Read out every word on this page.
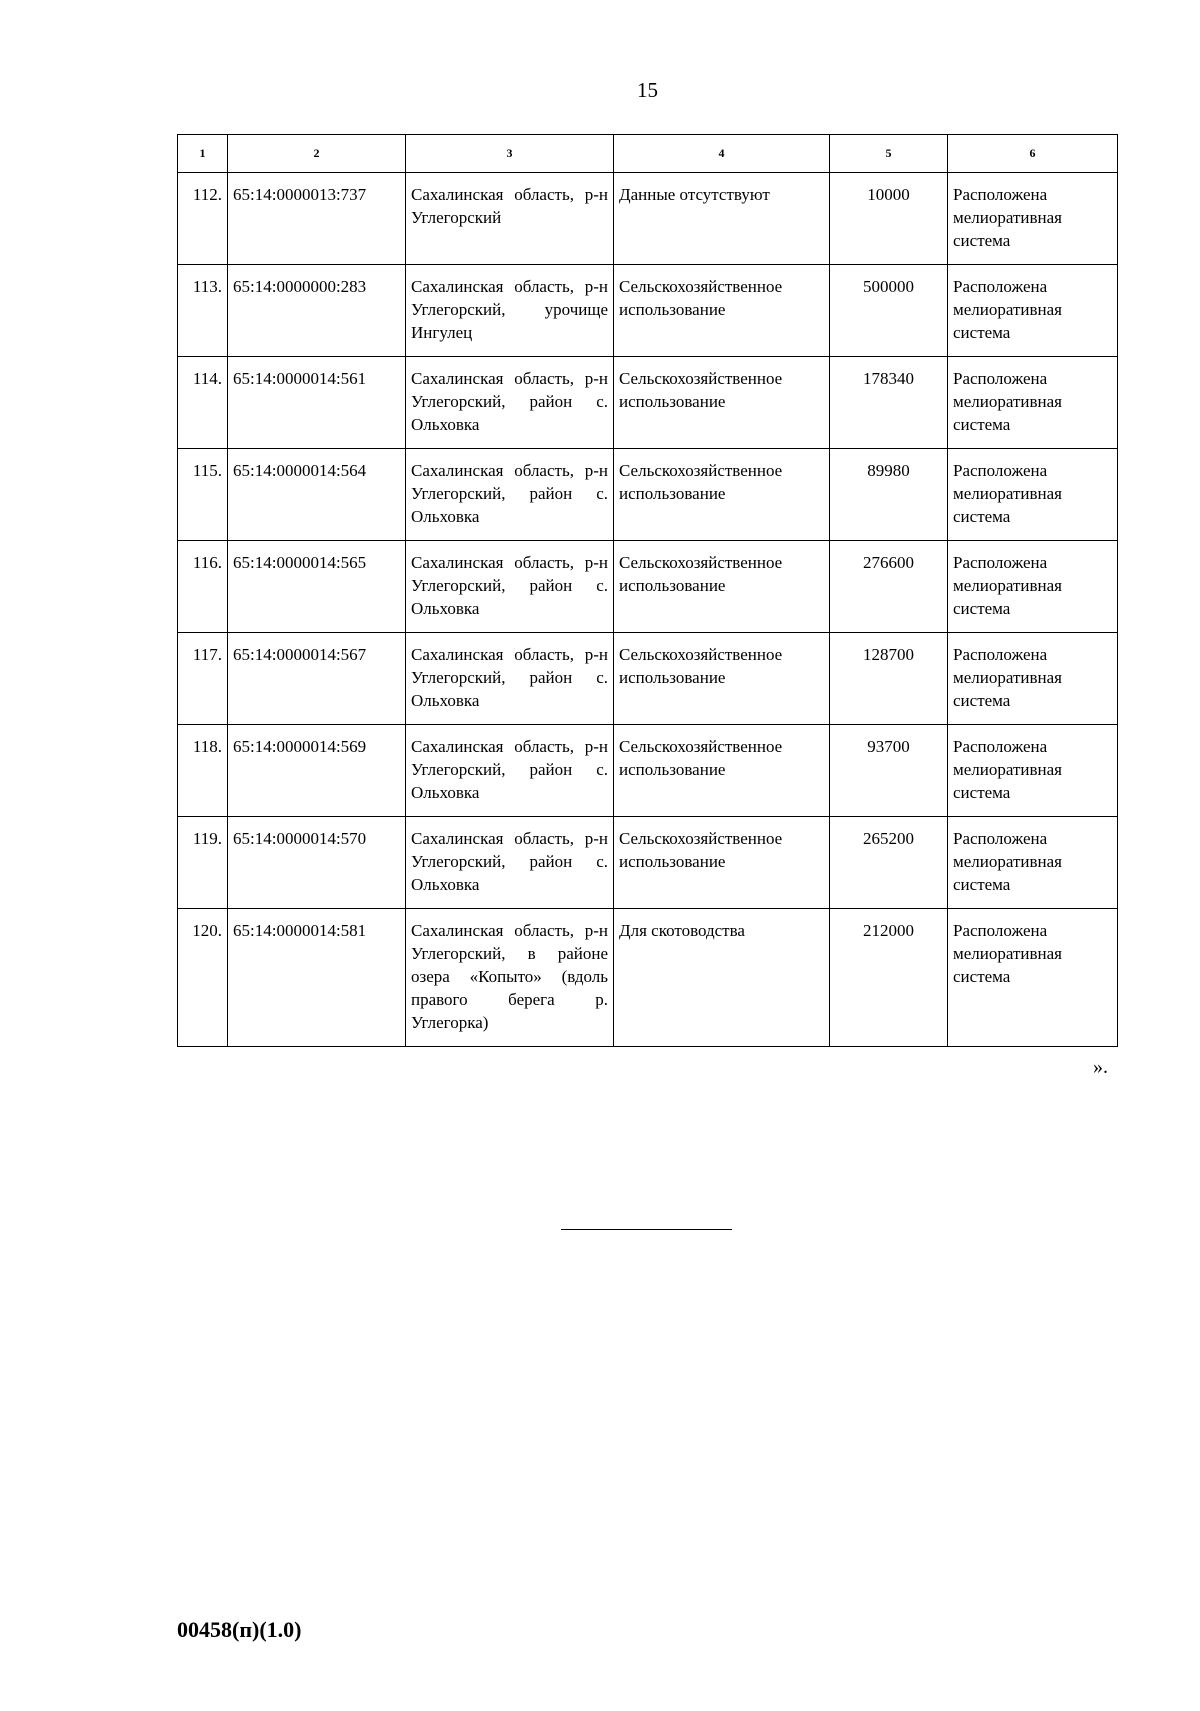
15
1	2	3	4	5	6
112.	65:14:0000013:737	Сахалинская область, р-н Углегорский	Данные отсутствуют	10000	Расположена мелиоративная система
113.	65:14:0000000:283	Сахалинская область, р-н Углегорский, урочище Ингулец	Сельскохозяйственное использование	500000	Расположена мелиоративная система
114.	65:14:0000014:561	Сахалинская область, р-н Углегорский, район с. Ольховка	Сельскохозяйственное использование	178340	Расположена мелиоративная система
115.	65:14:0000014:564	Сахалинская область, р-н Углегорский, район с. Ольховка	Сельскохозяйственное использование	89980	Расположена мелиоративная система
116.	65:14:0000014:565	Сахалинская область, р-н Углегорский, район с. Ольховка	Сельскохозяйственное использование	276600	Расположена мелиоративная система
117.	65:14:0000014:567	Сахалинская область, р-н Углегорский, район с. Ольховка	Сельскохозяйственное использование	128700	Расположена мелиоративная система
118.	65:14:0000014:569	Сахалинская область, р-н Углегорский, район с. Ольховка	Сельскохозяйственное использование	93700	Расположена мелиоративная система
119.	65:14:0000014:570	Сахалинская область, р-н Углегорский, район с. Ольховка	Сельскохозяйственное использование	265200	Расположена мелиоративная система
120.	65:14:0000014:581	Сахалинская область, р-н Углегорский, в районе озера «Копыто» (вдоль правого берега р. Углегорка)	Для скотоводства	212000	Расположена мелиоративная система
».
00458(п)(1.0)
